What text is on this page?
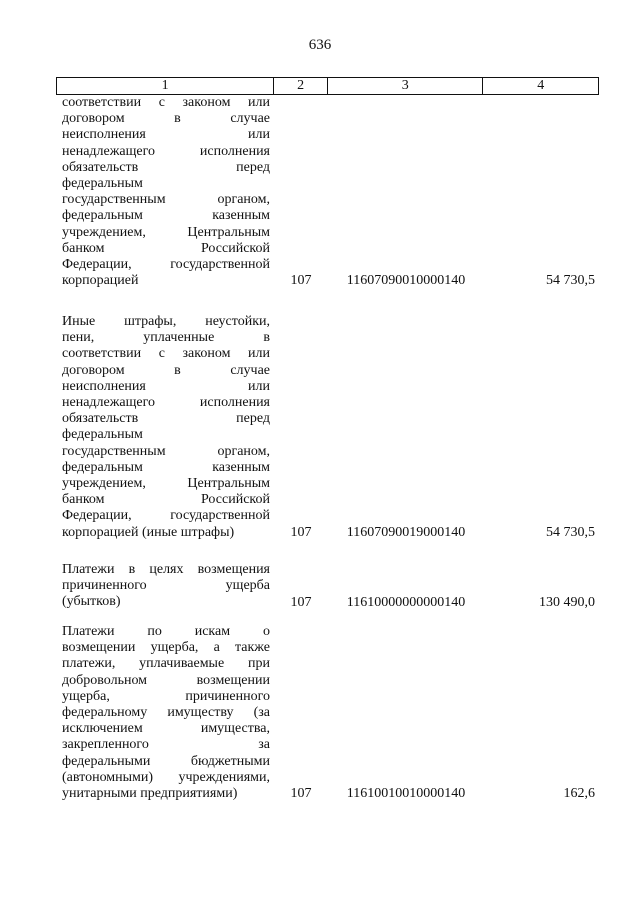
636
1	2	3	4
соответствии с законом или
договором в случае
неисполнения или
ненадлежащего исполнения
обязательств перед
федеральным
государственным органом,
федеральным казенным
учреждением, Центральным
банком Российской
Федерации, государственной
корпорацией	107	11607090010000140	54 730,5
Иные штрафы, неустойки,
пени, уплаченные в
соответствии с законом или
договором в случае
неисполнения или
ненадлежащего исполнения
обязательств перед
федеральным
государственным органом,
федеральным казенным
учреждением, Центральным
банком Российской
Федерации, государственной
корпорацией (иные штрафы)	107	11607090019000140	54 730,5
Платежи в целях возмещения
причиненного ущерба
(убытков)	107	11610000000000140	130 490,0
Платежи по искам о
возмещении ущерба, а также
платежи, уплачиваемые при
добровольном возмещении
ущерба, причиненного
федеральному имуществу (за
исключением имущества,
закрепленного за
федеральными бюджетными
(автономными) учреждениями,
унитарными предприятиями)	107	11610010010000140	162,6
